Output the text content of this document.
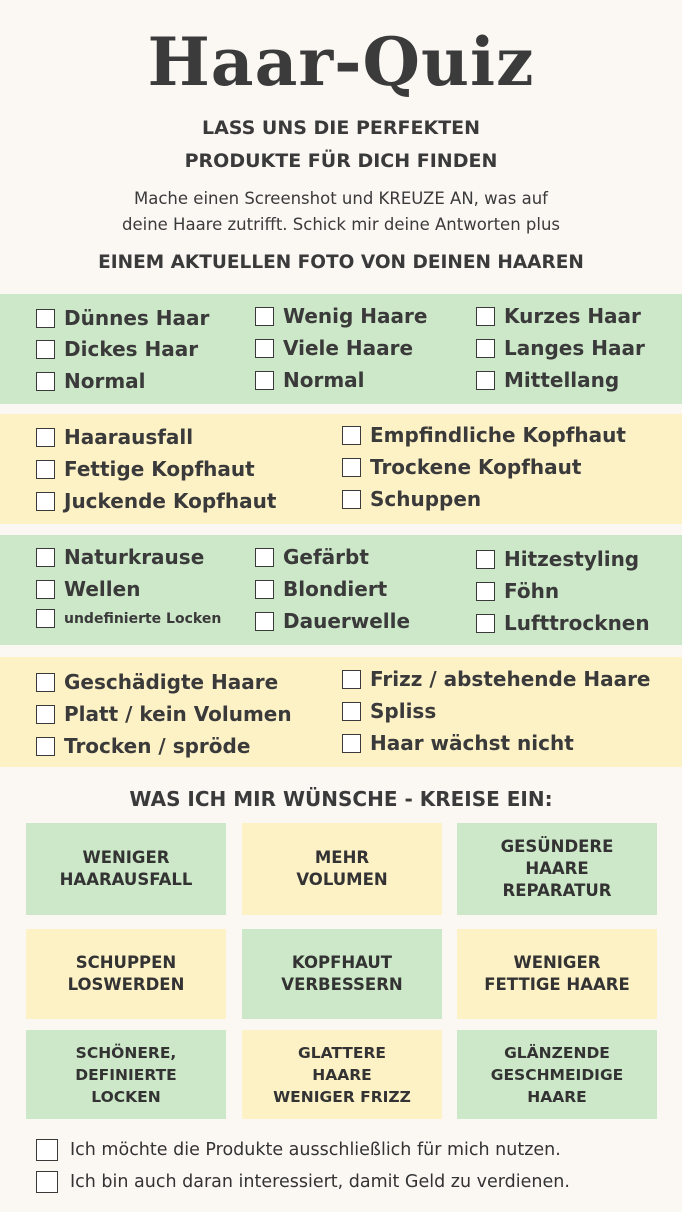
Haar-Quiz
LASS UNS DIE PERFEKTEN
PRODUKTE FÜR DICH FINDEN
Mache einen Screenshot und KREUZE AN, was auf
deine Haare zutrifft. Schick mir deine Antworten plus
EINEM AKTUELLEN FOTO VON DEINEN HAAREN
Dünnes Haar
Dickes Haar
Normal
Wenig Haare
Viele Haare
Normal
Kurzes Haar
Langes Haar
Mittellang
Haarausfall
Fettige Kopfhaut
Juckende Kopfhaut
Empfindliche Kopfhaut
Trockene Kopfhaut
Schuppen
Naturkrause
Wellen
undefinierte Locken
Gefärbt
Blondiert
Dauerwelle
Hitzestyling
Föhn
Lufttrocknen
Geschädigte Haare
Platt / kein Volumen
Trocken / spröde
Frizz / abstehende Haare
Spliss
Haar wächst nicht
WAS ICH MIR WÜNSCHE - KREISE EIN:
WENIGER
HAARAUSFALL
MEHR
VOLUMEN
GESÜNDERE
HAARE
REPARATUR
SCHUPPEN
LOSWERDEN
KOPFHAUT
VERBESSERN
WENIGER
FETTIGE HAARE
SCHÖNERE,
DEFINIERTE
LOCKEN
GLATTERE
HAARE
WENIGER FRIZZ
GLÄNZENDE
GESCHMEIDIGE
HAARE
Ich möchte die Produkte ausschließlich für mich nutzen.
Ich bin auch daran interessiert, damit Geld zu verdienen.
